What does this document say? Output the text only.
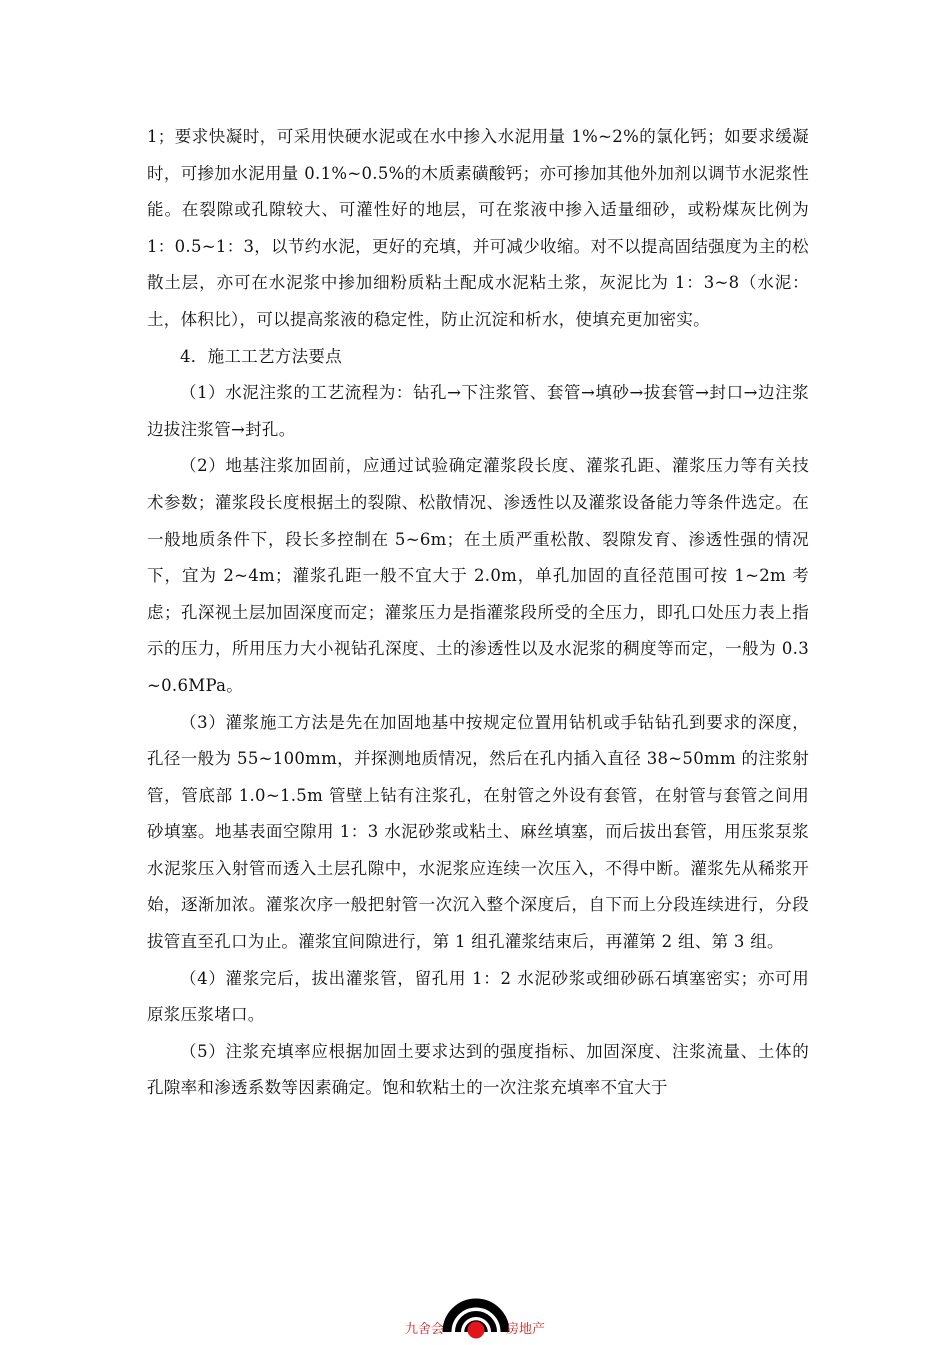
1；要求快凝时，可采用快硬水泥或在水中掺入水泥用量 1%~2%的氯化钙；如要求缓凝时，可掺加水泥用量 0.1%~0.5%的木质素磺酸钙；亦可掺加其他外加剂以调节水泥浆性能。在裂隙或孔隙较大、可灌性好的地层，可在浆液中掺入适量细砂，或粉煤灰比例为 1：0.5~1：3，以节约水泥，更好的充填，并可减少收缩。对不以提高固结强度为主的松散土层，亦可在水泥浆中掺加细粉质粘土配成水泥粘土浆，灰泥比为 1：3~8（水泥：土，体积比），可以提高浆液的稳定性，防止沉淀和析水，使填充更加密实。

4．施工工艺方法要点

（1）水泥注浆的工艺流程为：钻孔→下注浆管、套管→填砂→拔套管→封口→边注浆边拔注浆管→封孔。

（2）地基注浆加固前，应通过试验确定灌浆段长度、灌浆孔距、灌浆压力等有关技术参数；灌浆段长度根据土的裂隙、松散情况、渗透性以及灌浆设备能力等条件选定。在一般地质条件下，段长多控制在 5~6m；在土质严重松散、裂隙发育、渗透性强的情况下，宜为 2~4m；灌浆孔距一般不宜大于 2.0m，单孔加固的直径范围可按 1~2m 考虑；孔深视土层加固深度而定；灌浆压力是指灌浆段所受的全压力，即孔口处压力表上指示的压力，所用压力大小视钻孔深度、土的渗透性以及水泥浆的稠度等而定，一般为 0.3~0.6MPa。

（3）灌浆施工方法是先在加固地基中按规定位置用钻机或手钻钻孔到要求的深度，孔径一般为 55~100mm，并探测地质情况，然后在孔内插入直径 38~50mm 的注浆射管，管底部 1.0~1.5m 管壁上钻有注浆孔，在射管之外设有套管，在射管与套管之间用砂填塞。地基表面空隙用 1：3 水泥砂浆或粘土、麻丝填塞，而后拔出套管，用压浆泵浆水泥浆压入射管而透入土层孔隙中，水泥浆应连续一次压入，不得中断。灌浆先从稀浆开始，逐渐加浓。灌浆次序一般把射管一次沉入整个深度后，自下而上分段连续进行，分段拔管直至孔口为止。灌浆宜间隙进行，第 1 组孔灌浆结束后，再灌第 2 组、第 3 组。

（4）灌浆完后，拔出灌浆管，留孔用 1：2 水泥砂浆或细砂砾石填塞密实；亦可用原浆压浆堵口。

（5）注浆充填率应根据加固土要求达到的强度指标、加固深度、注浆流量、土体的孔隙率和渗透系数等因素确定。饱和软粘土的一次注浆充填率不宜大于

九舍会	房地产
